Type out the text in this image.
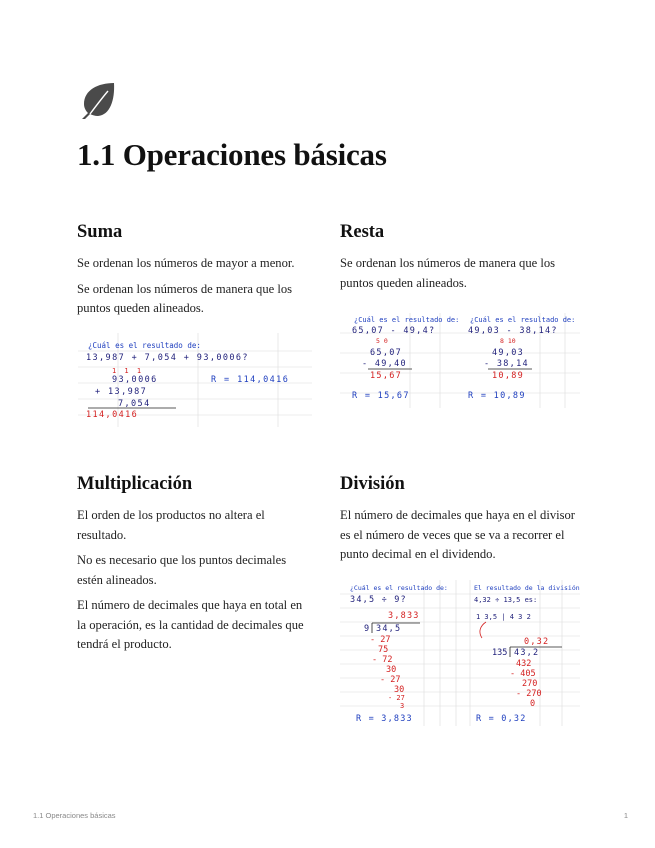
1.1 Operaciones básicas
Suma

Se ordenan los números de mayor a menor.

Se ordenan los números de manera que los puntos queden alineados.

¿Cuál es el resultado de:
13,987 + 7,054 + 93,0006?
1 1 1
93,0006
+ 13,987
7,054
114,0416
R = 114,0416
Resta

Se ordenan los números de manera que los puntos queden alineados.

¿Cuál es el resultado de:
65,07 - 49,4?
5 0
65,07
- 49,40
15,67
R = 15,67
¿Cuál es el resultado de:
49,03 - 38,14?
8 10
49,03
- 38,14
10,89
R = 10,89
Multiplicación

El orden de los productos no altera el resultado.

No es necesario que los puntos decimales estén alineados.

El número de decimales que haya en total en la operación, es la cantidad de decimales que tendrá el producto.

División

El número de decimales que haya en el divisor es el número de veces que se va a recorrer el punto decimal en el dividendo.

¿Cuál es el resultado de:
34,5 ÷ 9?
3,833
9 34,5
- 27
75
- 72
30
- 27
30
- 27
3
R = 3,833
El resultado de la división
4,32 ÷ 13,5 es:
0,32
1 3,5 | 4 3 2
135 43,2
432
- 405
270
- 270
0
R = 0,32
1.1 Operaciones básicas	1
